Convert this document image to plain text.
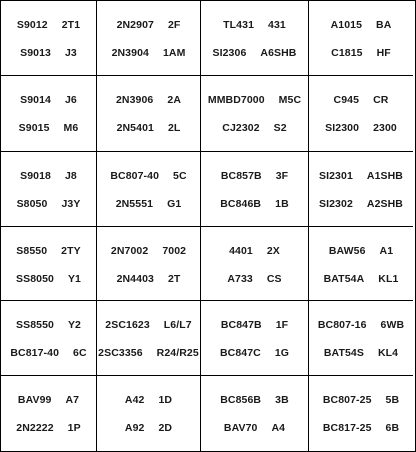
S9012 2T1
S9013 J3
2N2907 2F
2N3904 1AM
TL431 431
SI2306 A6SHB
A1015 BA
C1815 HF
S9014 J6
S9015 M6
2N3906 2A
2N5401 2L
MMBD7000 M5C
CJ2302 S2
C945 CR
SI2300 2300
S9018 J8
S8050 J3Y
BC807-40 5C
2N5551 G1
BC857B 3F
BC846B 1B
SI2301 A1SHB
SI2302 A2SHB
S8550 2TY
SS8050 Y1
2N7002 7002
2N4403 2T
4401 2X
A733 CS
BAW56 A1
BAT54A KL1
SS8550 Y2
BC817-40 6C
2SC1623 L6/L7
2SC3356 R24/R25
BC847B 1F
BC847C 1G
BC807-16 6WB
BAT54S KL4
BAV99 A7
2N2222 1P
A42 1D
A92 2D
BC856B 3B
BAV70 A4
BC807-25 5B
BC817-25 6B
